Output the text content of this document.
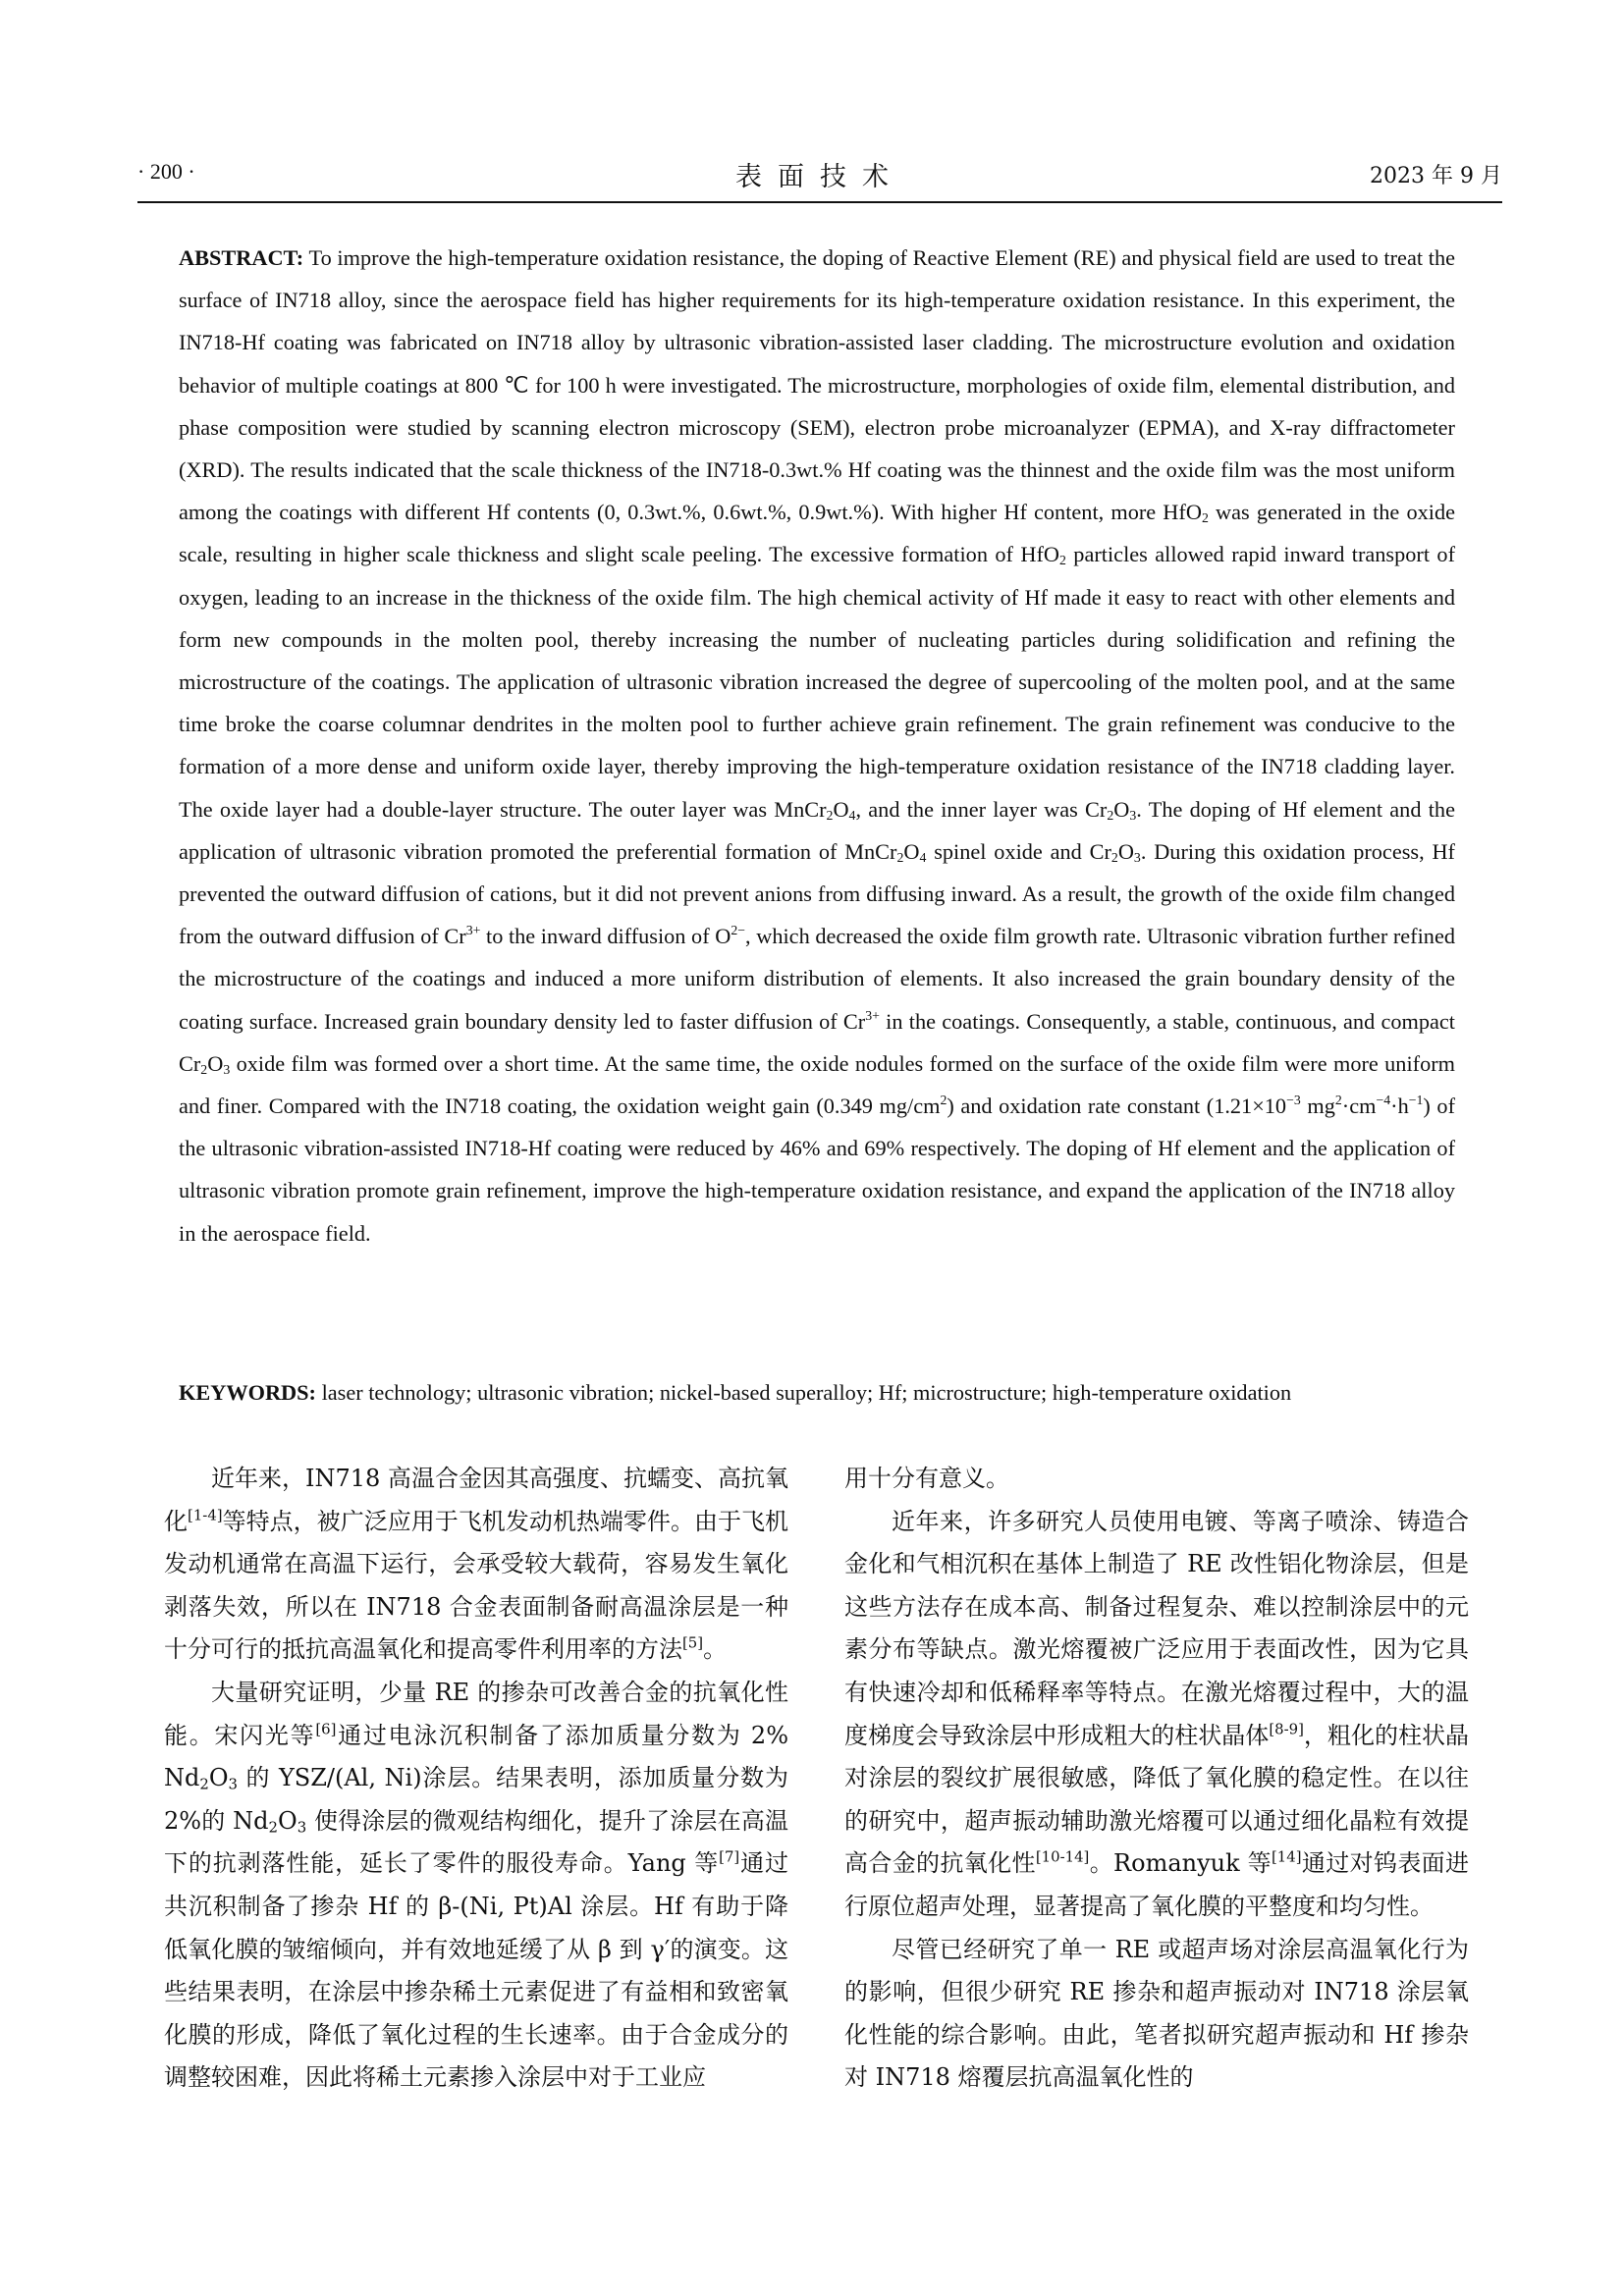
· 200 ·	表面技术	2023 年 9 月
ABSTRACT: To improve the high-temperature oxidation resistance, the doping of Reactive Element (RE) and physical field are used to treat the surface of IN718 alloy, since the aerospace field has higher requirements for its high-temperature oxidation resistance. In this experiment, the IN718-Hf coating was fabricated on IN718 alloy by ultrasonic vibration-assisted laser cladding. The microstructure evolution and oxidation behavior of multiple coatings at 800 ℃ for 100 h were investigated. The microstructure, morphologies of oxide film, elemental distribution, and phase composition were studied by scanning electron microscopy (SEM), electron probe microanalyzer (EPMA), and X-ray diffractometer (XRD). The results indicated that the scale thickness of the IN718-0.3wt.% Hf coating was the thinnest and the oxide film was the most uniform among the coatings with different Hf contents (0, 0.3wt.%, 0.6wt.%, 0.9wt.%). With higher Hf content, more HfO$_2$ was generated in the oxide scale, resulting in higher scale thickness and slight scale peeling. The excessive formation of HfO$_2$ particles allowed rapid inward transport of oxygen, leading to an increase in the thickness of the oxide film. The high chemical activity of Hf made it easy to react with other elements and form new compounds in the molten pool, thereby increasing the number of nucleating particles during solidification and refining the microstructure of the coatings. The application of ultrasonic vibration increased the degree of supercooling of the molten pool, and at the same time broke the coarse columnar dendrites in the molten pool to further achieve grain refinement. The grain refinement was conducive to the formation of a more dense and uniform oxide layer, thereby improving the high-temperature oxidation resistance of the IN718 cladding layer. The oxide layer had a double-layer structure. The outer layer was $MnCr_2O_4$, and the inner layer was $Cr_2O_3$. The doping of Hf element and the application of ultrasonic vibration promoted the preferential formation of $MnCr_2O_4$ spinel oxide and $Cr_2O_3$. During this oxidation process, Hf prevented the outward diffusion of cations, but it did not prevent anions from diffusing inward. As a result, the growth of the oxide film changed from the outward diffusion of $Cr^{3+}$ to the inward diffusion of $O^{2-}$, which decreased the oxide film growth rate. Ultrasonic vibration further refined the microstructure of the coatings and induced a more uniform distribution of elements. It also increased the grain boundary density of the coating surface. Increased grain boundary density led to faster diffusion of $Cr^{3+}$ in the coatings. Consequently, a stable, continuous, and compact $Cr_2O_3$ oxide film was formed over a short time. At the same time, the oxide nodules formed on the surface of the oxide film were more uniform and finer. Compared with the IN718 coating, the oxidation weight gain (0.349 $mg/cm^2$) and oxidation rate constant ($1.21\times 10^{-3}$ $mg^2\cdot cm^{-4}\cdot h^{-1}$) of the ultrasonic vibration-assisted IN718-Hf coating were reduced by 46% and 69% respectively. The doping of Hf element and the application of ultrasonic vibration promote grain refinement, improve the high-temperature oxidation resistance, and expand the application of the IN718 alloy in the aerospace field.
KEYWORDS: laser technology; ultrasonic vibration; nickel-based superalloy; Hf; microstructure; high-temperature oxidation

近年来，IN718 高温合金因其高强度、抗蠕变、高抗氧化[1-4]等特点，被广泛应用于飞机发动机热端零件。由于飞机发动机通常在高温下运行，会承受较大载荷，容易发生氧化剥落失效，所以在 IN718 合金表面制备耐高温涂层是一种十分可行的抵抗高温氧化和提高零件利用率的方法[5]。

大量研究证明，少量 RE 的掺杂可改善合金的抗氧化性能。宋闪光等[6]通过电泳沉积制备了添加质量分数为 2% $Nd_2O_3$ 的 YSZ/(Al, Ni)涂层。结果表明，添加质量分数为 2%的 $Nd_2O_3$ 使得涂层的微观结构细化，提升了涂层在高温下的抗剥落性能，延长了零件的服役寿命。Yang 等[7]通过共沉积制备了掺杂 Hf 的 β-(Ni, Pt)Al 涂层。Hf 有助于降低氧化膜的皱缩倾向，并有效地延缓了从 β 到 γ′的演变。这些结果表明，在涂层中掺杂稀土元素促进了有益相和致密氧化膜的形成，降低了氧化过程的生长速率。由于合金成分的调整较困难，因此将稀土元素掺入涂层中对于工业应

用十分有意义。

近年来，许多研究人员使用电镀、等离子喷涂、铸造合金化和气相沉积在基体上制造了 RE 改性铝化物涂层，但是这些方法存在成本高、制备过程复杂、难以控制涂层中的元素分布等缺点。激光熔覆被广泛应用于表面改性，因为它具有快速冷却和低稀释率等特点。在激光熔覆过程中，大的温度梯度会导致涂层中形成粗大的柱状晶体[8-9]，粗化的柱状晶对涂层的裂纹扩展很敏感，降低了氧化膜的稳定性。在以往的研究中，超声振动辅助激光熔覆可以通过细化晶粒有效提高合金的抗氧化性[10-14]。Romanyuk 等[14]通过对钨表面进行原位超声处理，显著提高了氧化膜的平整度和均匀性。

尽管已经研究了单一 RE 或超声场对涂层高温氧化行为的影响，但很少研究 RE 掺杂和超声振动对 IN718 涂层氧化性能的综合影响。由此，笔者拟研究超声振动和 Hf 掺杂对 IN718 熔覆层抗高温氧化性的
